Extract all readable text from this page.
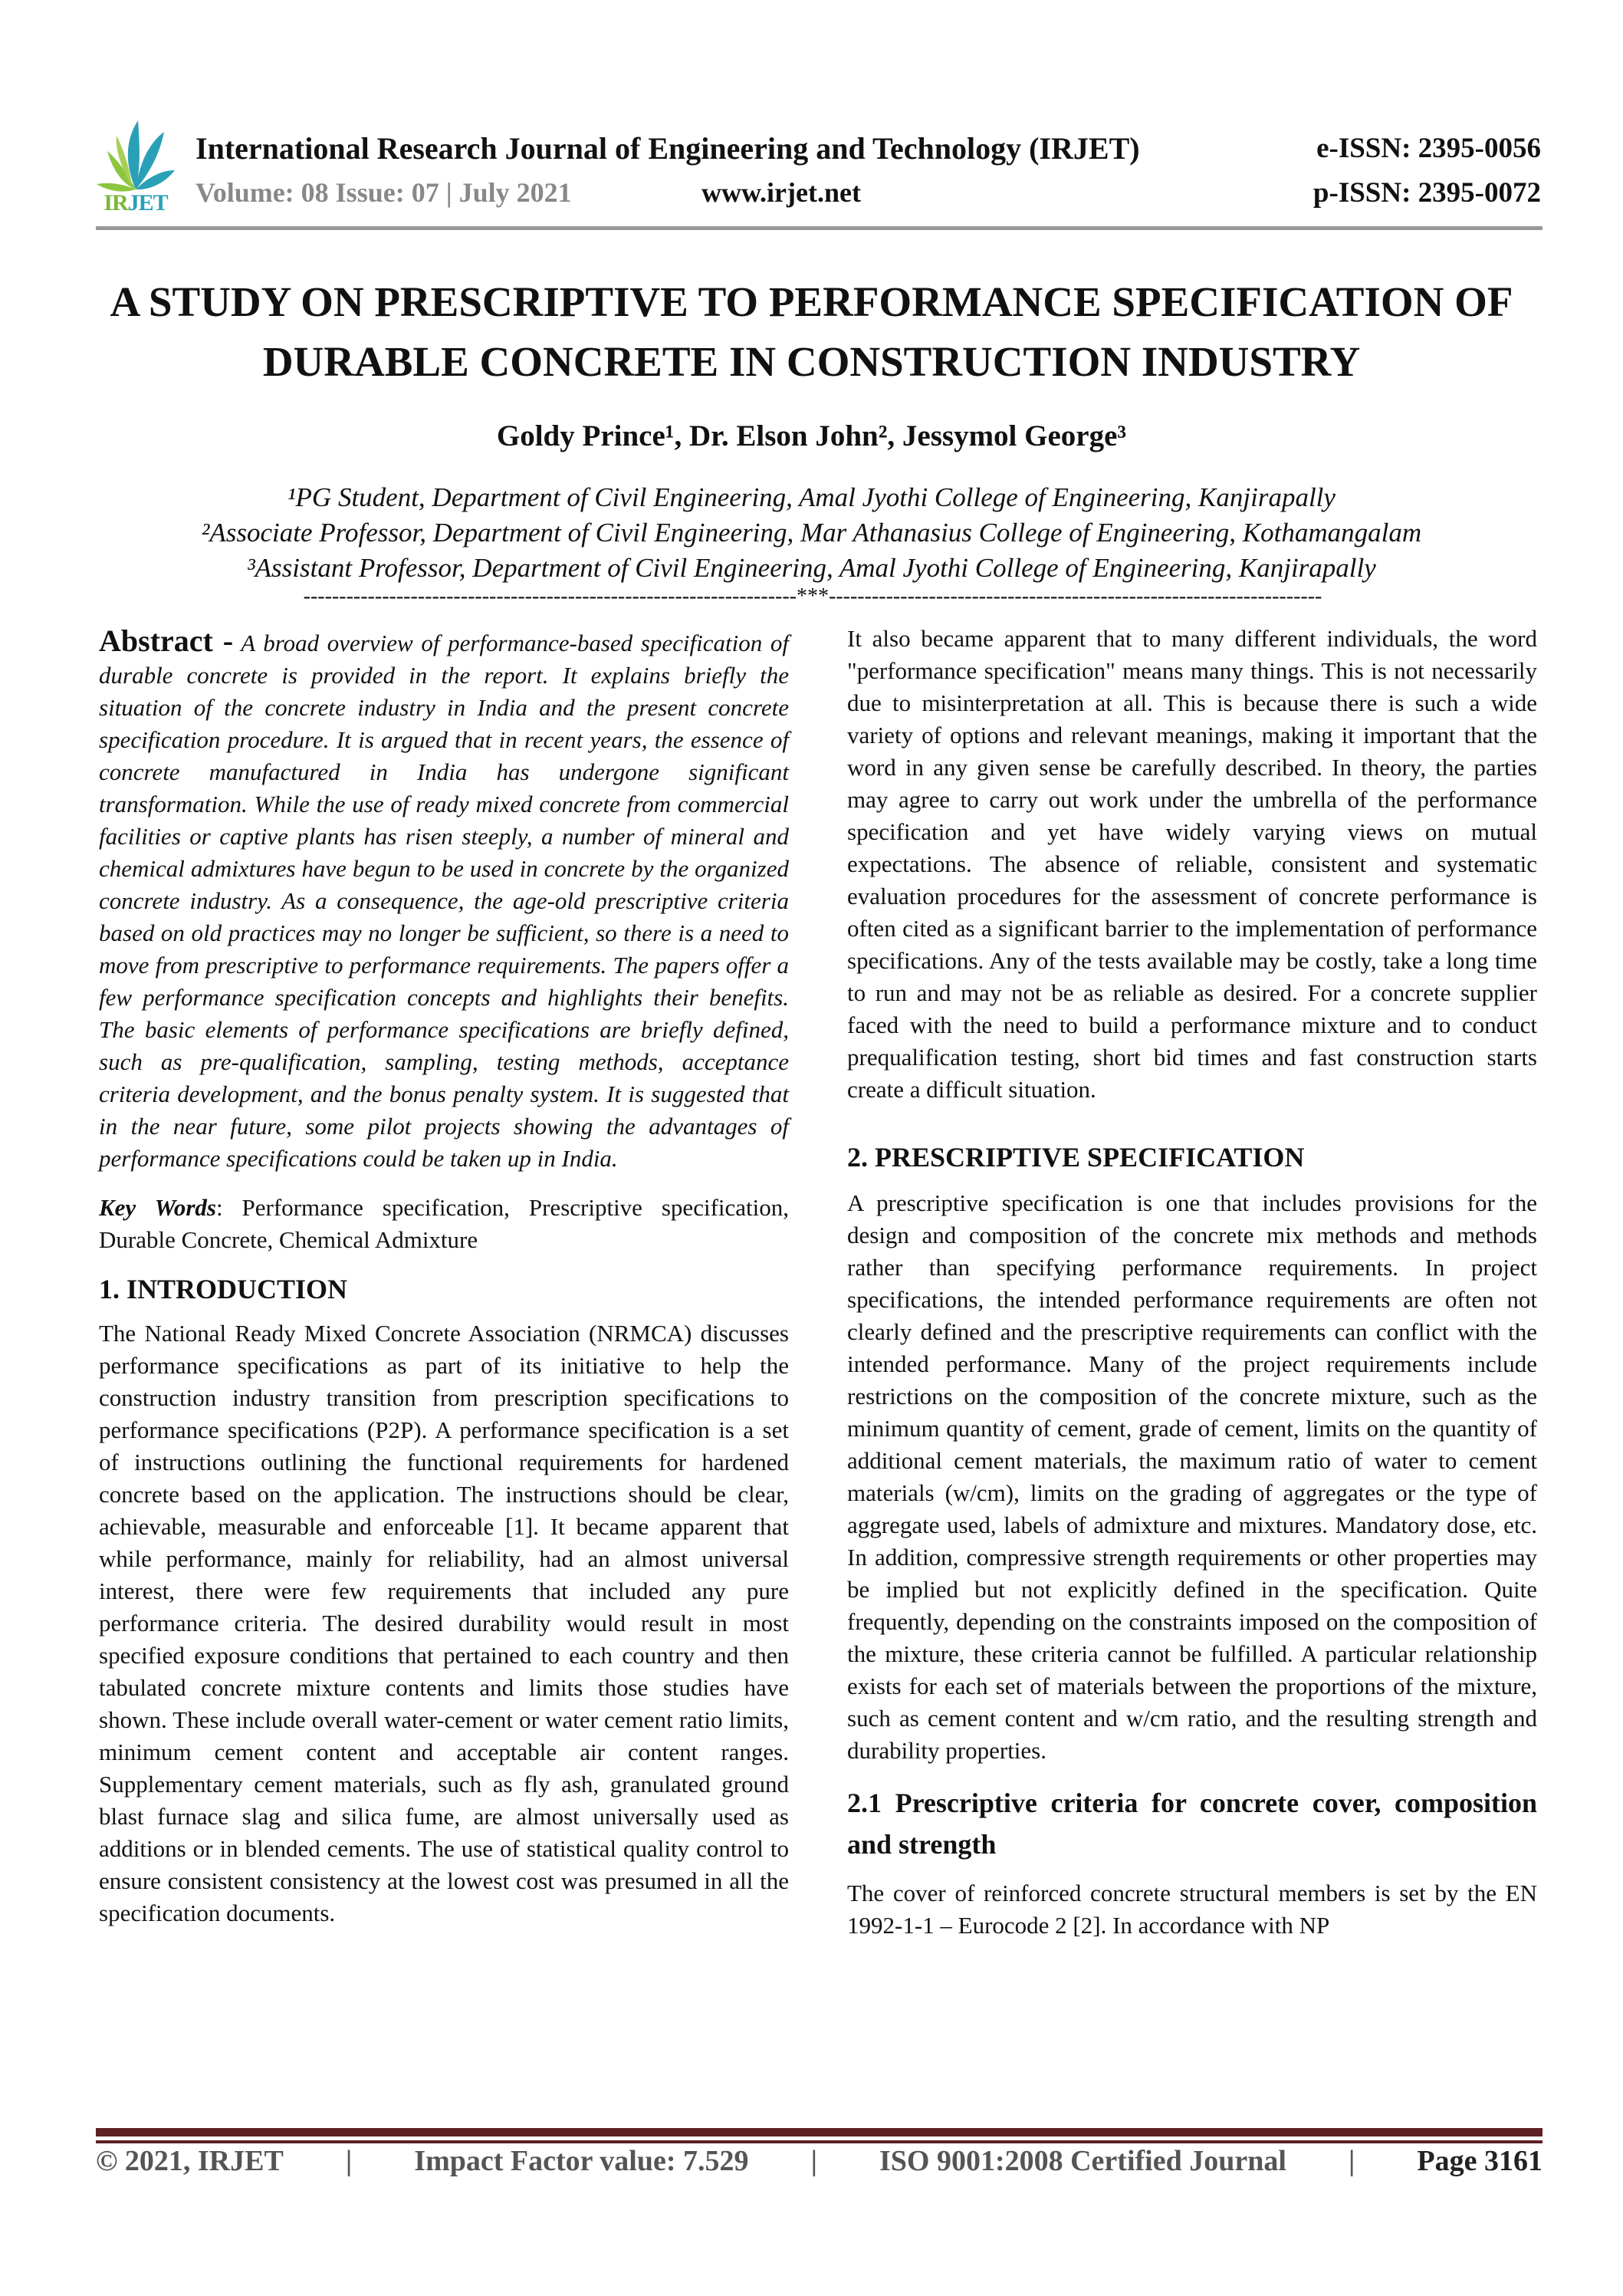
IRJET
International Research Journal of Engineering and Technology (IRJET)	e-ISSN: 2395-0056
Volume: 08 Issue: 07 | July 2021	www.irjet.net	p-ISSN: 2395-0072
A STUDY ON PRESCRIPTIVE TO PERFORMANCE SPECIFICATION OF
DURABLE CONCRETE IN CONSTRUCTION INDUSTRY
Goldy Prince¹, Dr. Elson John², Jessymol George³
¹PG Student, Department of Civil Engineering, Amal Jyothi College of Engineering, Kanjirapally
²Associate Professor, Department of Civil Engineering, Mar Athanasius College of Engineering, Kothamangalam
³Assistant Professor, Department of Civil Engineering, Amal Jyothi College of Engineering, Kanjirapally
---------------------------------------------------------------------***---------------------------------------------------------------------

Abstract - A broad overview of performance-based specification of durable concrete is provided in the report. It explains briefly the situation of the concrete industry in India and the present concrete specification procedure. It is argued that in recent years, the essence of concrete manufactured in India has undergone significant transformation. While the use of ready mixed concrete from commercial facilities or captive plants has risen steeply, a number of mineral and chemical admixtures have begun to be used in concrete by the organized concrete industry. As a consequence, the age-old prescriptive criteria based on old practices may no longer be sufficient, so there is a need to move from prescriptive to performance requirements. The papers offer a few performance specification concepts and highlights their benefits. The basic elements of performance specifications are briefly defined, such as pre-qualification, sampling, testing methods, acceptance criteria development, and the bonus penalty system. It is suggested that in the near future, some pilot projects showing the advantages of performance specifications could be taken up in India.

Key Words: Performance specification, Prescriptive specification, Durable Concrete, Chemical Admixture

1. INTRODUCTION

The National Ready Mixed Concrete Association (NRMCA) discusses performance specifications as part of its initiative to help the construction industry transition from prescription specifications to performance specifications (P2P). A performance specification is a set of instructions outlining the functional requirements for hardened concrete based on the application. The instructions should be clear, achievable, measurable and enforceable [1]. It became apparent that while performance, mainly for reliability, had an almost universal interest, there were few requirements that included any pure performance criteria. The desired durability would result in most specified exposure conditions that pertained to each country and then tabulated concrete mixture contents and limits those studies have shown. These include overall water-cement or water cement ratio limits, minimum cement content and acceptable air content ranges. Supplementary cement materials, such as fly ash, granulated ground blast furnace slag and silica fume, are almost universally used as additions or in blended cements. The use of statistical quality control to ensure consistent consistency at the lowest cost was presumed in all the specification documents.

It also became apparent that to many different individuals, the word "performance specification" means many things. This is not necessarily due to misinterpretation at all. This is because there is such a wide variety of options and relevant meanings, making it important that the word in any given sense be carefully described. In theory, the parties may agree to carry out work under the umbrella of the performance specification and yet have widely varying views on mutual expectations. The absence of reliable, consistent and systematic evaluation procedures for the assessment of concrete performance is often cited as a significant barrier to the implementation of performance specifications. Any of the tests available may be costly, take a long time to run and may not be as reliable as desired. For a concrete supplier faced with the need to build a performance mixture and to conduct prequalification testing, short bid times and fast construction starts create a difficult situation.

2. PRESCRIPTIVE SPECIFICATION

A prescriptive specification is one that includes provisions for the design and composition of the concrete mix methods and methods rather than specifying performance requirements. In project specifications, the intended performance requirements are often not clearly defined and the prescriptive requirements can conflict with the intended performance. Many of the project requirements include restrictions on the composition of the concrete mixture, such as the minimum quantity of cement, grade of cement, limits on the quantity of additional cement materials, the maximum ratio of water to cement materials (w/cm), limits on the grading of aggregates or the type of aggregate used, labels of admixture and mixtures. Mandatory dose, etc. In addition, compressive strength requirements or other properties may be implied but not explicitly defined in the specification. Quite frequently, depending on the constraints imposed on the composition of the mixture, these criteria cannot be fulfilled. A particular relationship exists for each set of materials between the proportions of the mixture, such as cement content and w/cm ratio, and the resulting strength and durability properties.

2.1 Prescriptive criteria for concrete cover, composition and strength

The cover of reinforced concrete structural members is set by the EN 1992-1-1 – Eurocode 2 [2]. In accordance with NP

© 2021, IRJET | Impact Factor value: 7.529 | ISO 9001:2008 Certified Journal | Page 3161
